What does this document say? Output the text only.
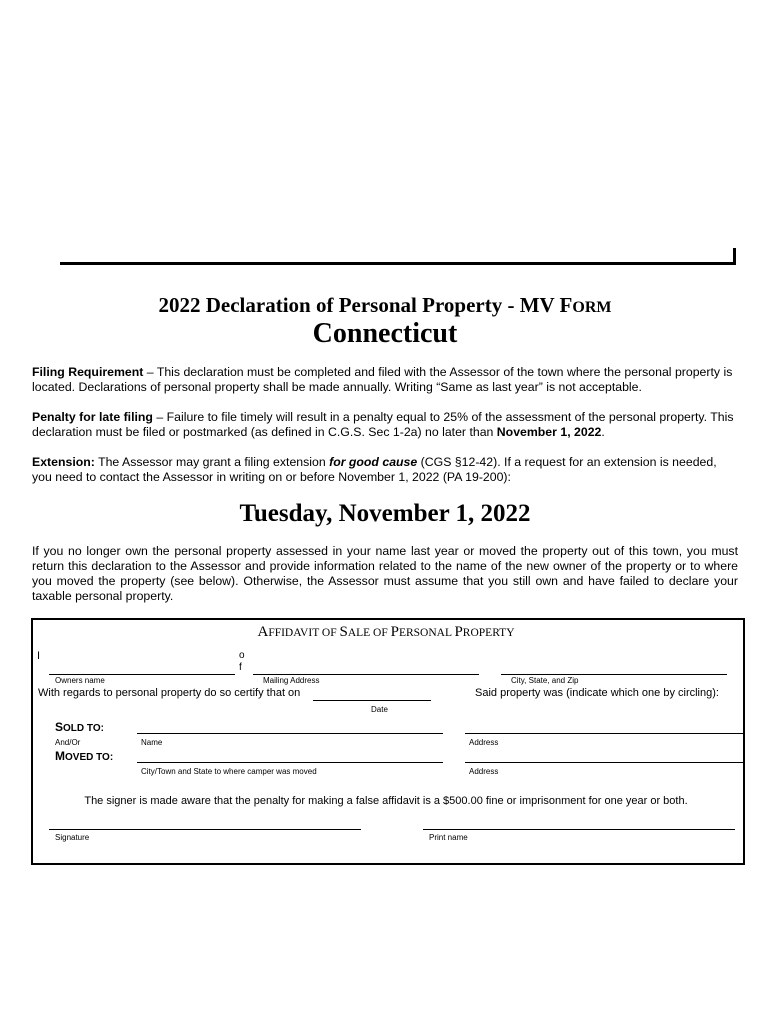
2022 Declaration of Personal Property - MV FORM
Connecticut
Filing Requirement – This declaration must be completed and filed with the Assessor of the town where the personal property is located. Declarations of personal property shall be made annually. Writing “Same as last year” is not acceptable.
Penalty for late filing – Failure to file timely will result in a penalty equal to 25% of the assessment of the personal property. This declaration must be filed or postmarked (as defined in C.G.S. Sec 1-2a) no later than November 1, 2022.
Extension: The Assessor may grant a filing extension for good cause (CGS §12-42). If a request for an extension is needed, you need to contact the Assessor in writing on or before November 1, 2022 (PA 19-200):
Tuesday, November 1, 2022
If you no longer own the personal property assessed in your name last year or moved the property out of this town, you must return this declaration to the Assessor and provide information related to the name of the new owner of the property or to where you moved the property (see below). Otherwise, the Assessor must assume that you still own and have failed to declare your taxable personal property.
AFFIDAVIT OF SALE OF PERSONAL PROPERTY
I
Owners name
o
f
Mailing Address	City, State, and Zip
With regards to personal property do so certify that on
Date
Said property was (indicate which one by circling):
SOLD TO:
And/Or	Name	Address
MOVED TO:
City/Town and State to where camper was moved	Address
The signer is made aware that the penalty for making a false affidavit is a $500.00 fine or imprisonment for one year or both.
Signature	Print name
